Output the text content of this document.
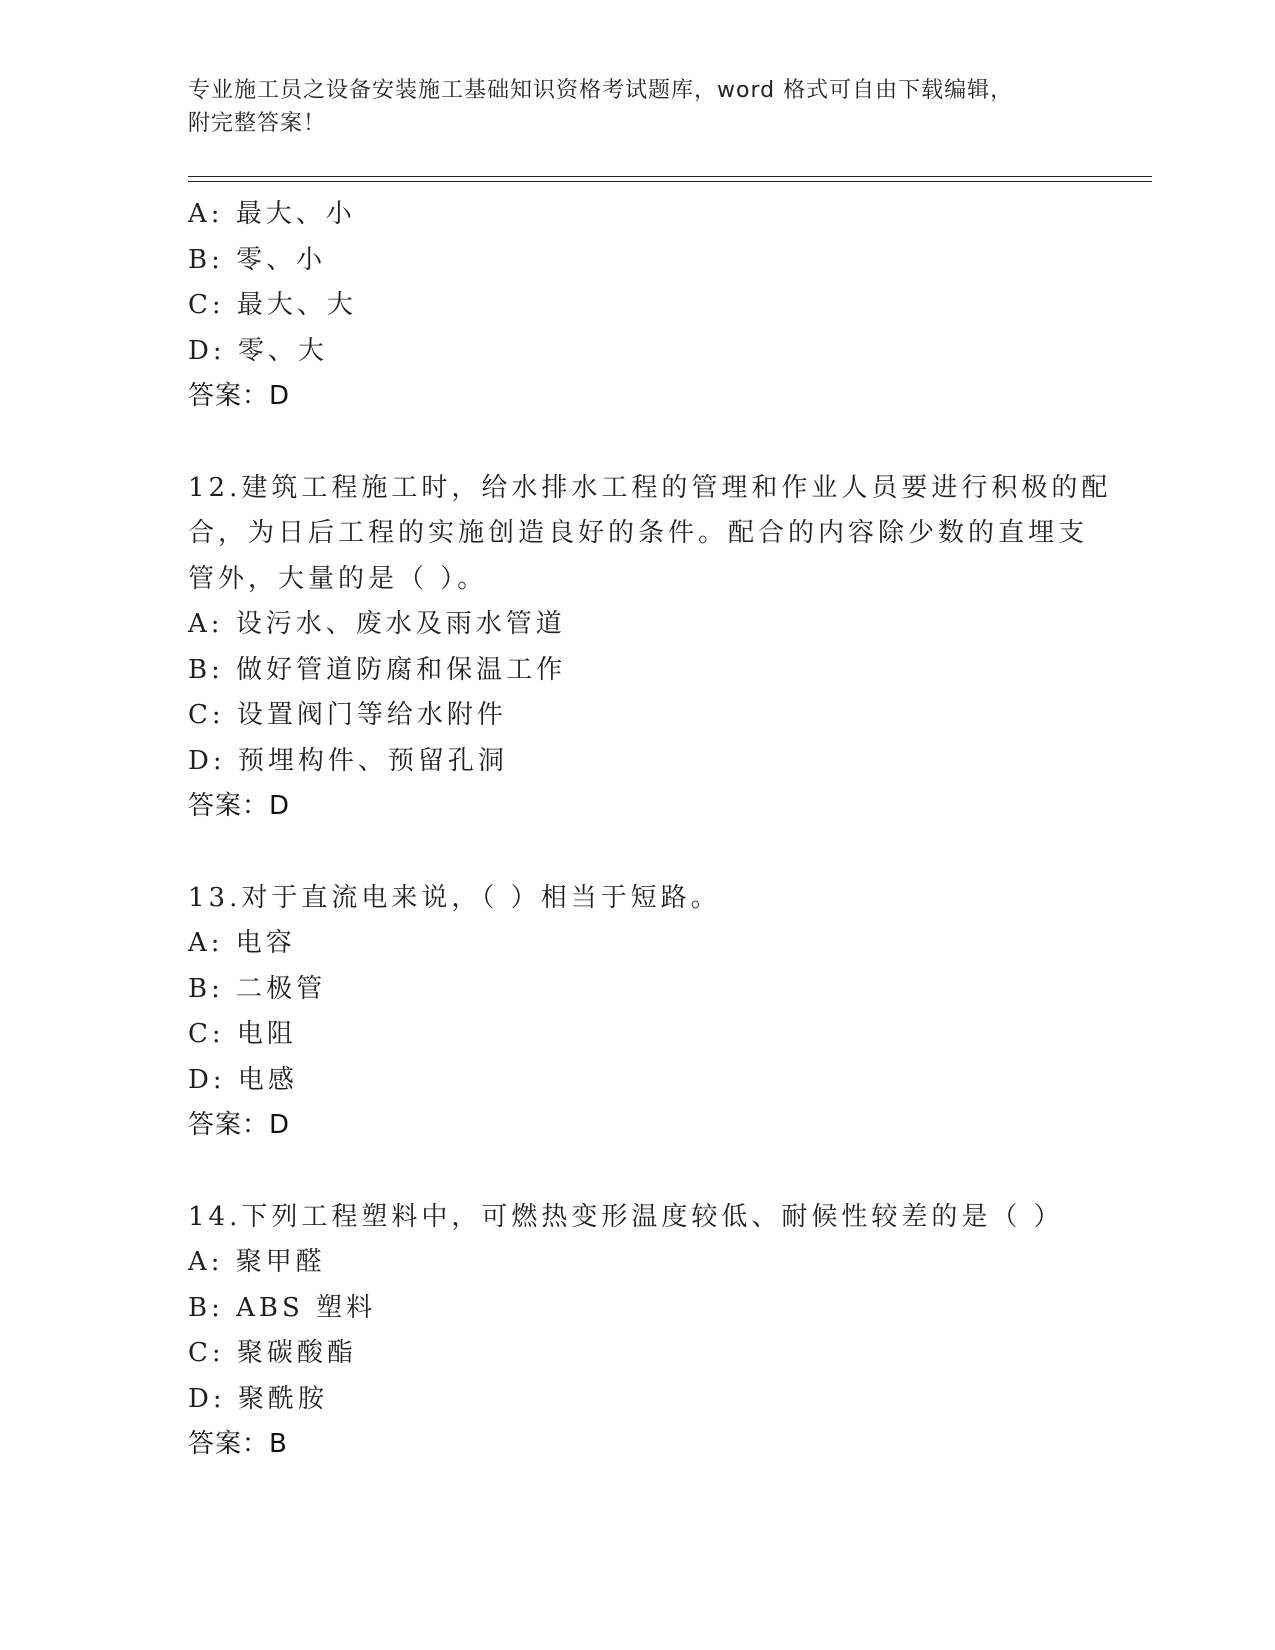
专业施工员之设备安装施工基础知识资格考试题库，word 格式可自由下载编辑，
附完整答案！
A: 最大、小
B: 零、小
C: 最大、大
D: 零、大
答案：D
12.建筑工程施工时，给水排水工程的管理和作业人员要进行积极的配
合，为日后工程的实施创造良好的条件。配合的内容除少数的直埋支
管外，大量的是（ ）。
A: 设污水、废水及雨水管道
B: 做好管道防腐和保温工作
C: 设置阀门等给水附件
D: 预埋构件、预留孔洞
答案：D
13.对于直流电来说，（ ）相当于短路。
A: 电容
B: 二极管
C: 电阻
D: 电感
答案：D
14.下列工程塑料中，可燃热变形温度较低、耐候性较差的是（ ）
A: 聚甲醛
B: ABS 塑料
C: 聚碳酸酯
D: 聚酰胺
答案：B
